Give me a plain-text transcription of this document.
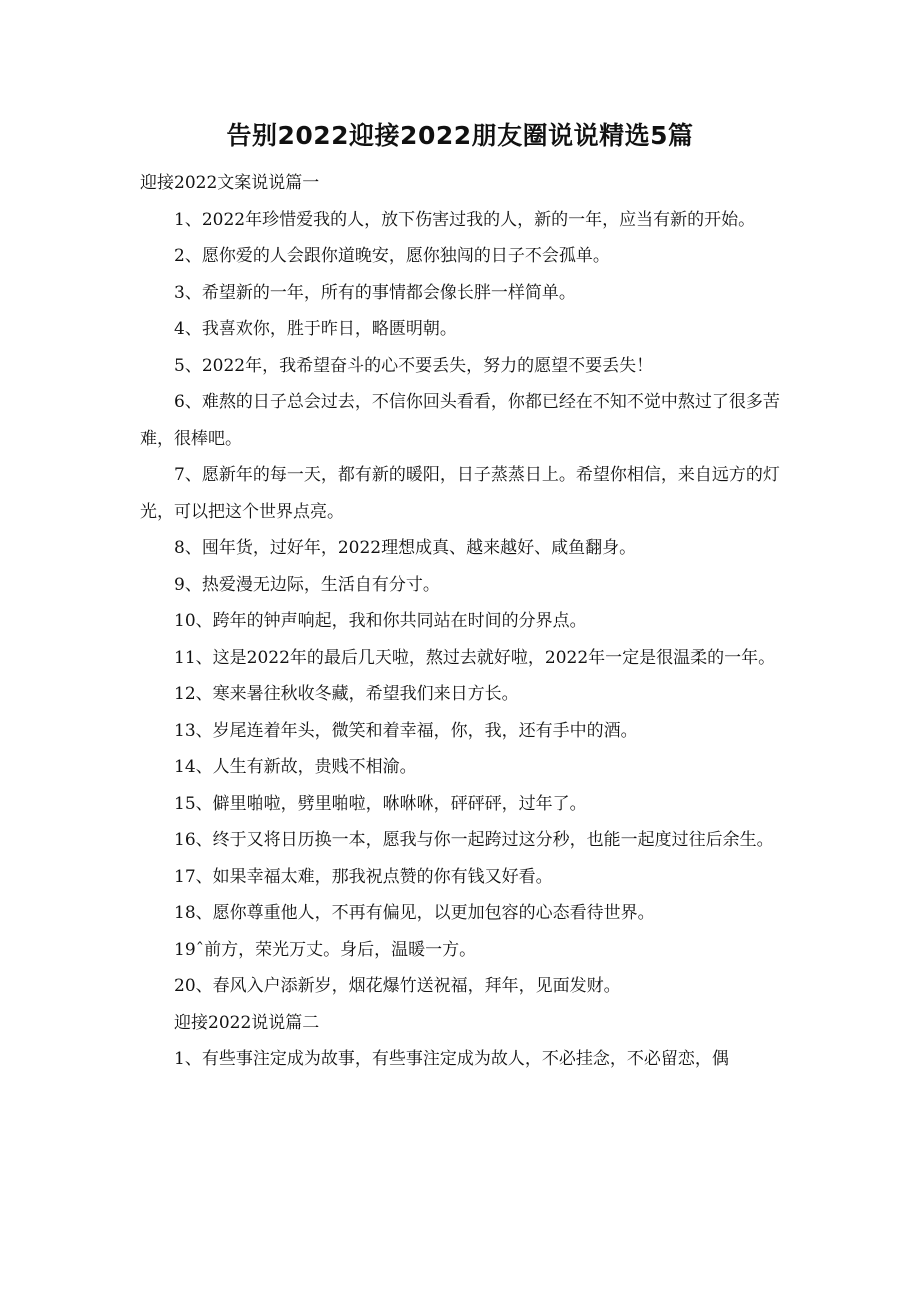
告别2022迎接2022朋友圈说说精选5篇

迎接2022文案说说篇一

1、2022年珍惜爱我的人，放下伤害过我的人，新的一年，应当有新的开始。

2、愿你爱的人会跟你道晚安，愿你独闯的日子不会孤单。

3、希望新的一年，所有的事情都会像长胖一样简单。

4、我喜欢你，胜于昨日，略匮明朝。

5、2022年，我希望奋斗的心不要丢失，努力的愿望不要丢失！

6、难熬的日子总会过去，不信你回头看看，你都已经在不知不觉中熬过了很多苦难，很棒吧。

7、愿新年的每一天，都有新的暖阳，日子蒸蒸日上。希望你相信，来自远方的灯光，可以把这个世界点亮。

8、囤年货，过好年，2022理想成真、越来越好、咸鱼翻身。

9、热爱漫无边际，生活自有分寸。

10、跨年的钟声响起，我和你共同站在时间的分界点。

11、这是2022年的最后几天啦，熬过去就好啦，2022年一定是很温柔的一年。

12、寒来暑往秋收冬藏，希望我们来日方长。

13、岁尾连着年头，微笑和着幸福，你，我，还有手中的酒。

14、人生有新故，贵贱不相渝。

15、僻里啪啦，劈里啪啦，咻咻咻，砰砰砰，过年了。

16、终于又将日历换一本，愿我与你一起跨过这分秒，也能一起度过往后余生。

17、如果幸福太难，那我祝点赞的你有钱又好看。

18、愿你尊重他人，不再有偏见，以更加包容的心态看待世界。

19ˆ前方，荣光万丈。身后，温暖一方。

20、春风入户添新岁，烟花爆竹送祝福，拜年，见面发财。

迎接2022说说篇二

1、有些事注定成为故事，有些事注定成为故人，不必挂念，不必留恋，偶
